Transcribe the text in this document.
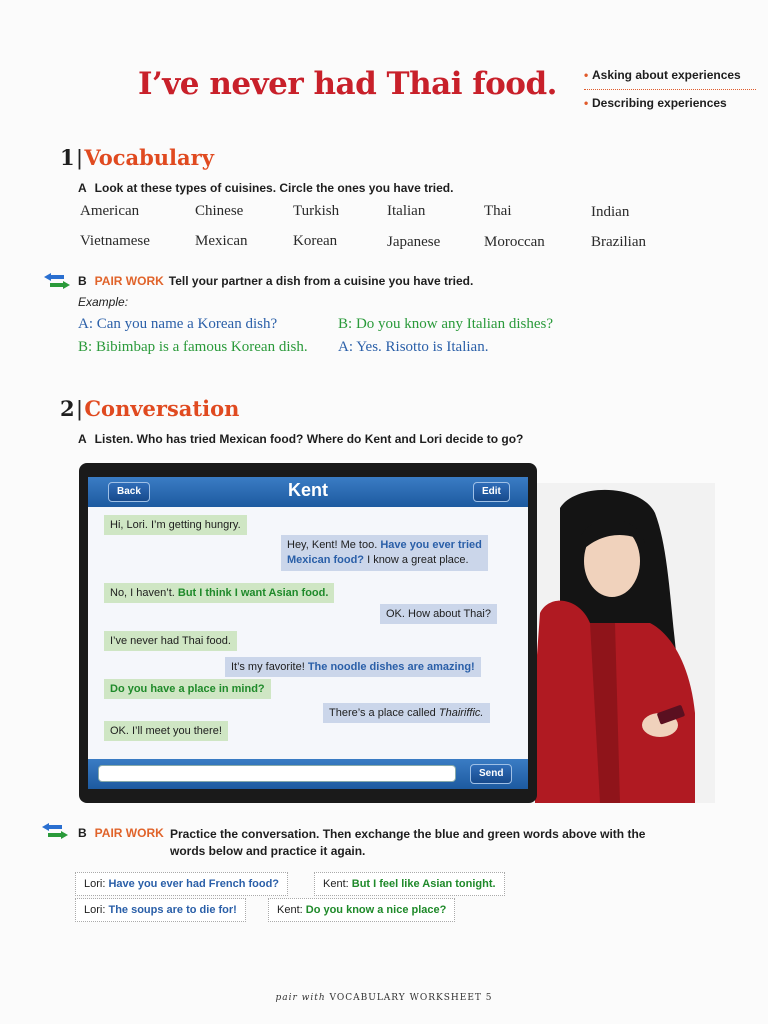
I’ve never had Thai food. • Asking about experiences
• Describing experiences
1 | Vocabulary
A Look at these types of cuisines. Circle the ones you have tried.
American	Chinese	Turkish	Italian	Thai	Indian
Vietnamese	Mexican	Korean	Japanese	Moroccan	Brazilian
B PAIR WORK Tell your partner a dish from a cuisine you have tried.
Example:
A: Can you name a Korean dish?
B: Bibimbap is a famous Korean dish.
B: Do you know any Italian dishes?
A: Yes. Risotto is Italian.
2 | Conversation
A Listen. Who has tried Mexican food? Where do Kent and Lori decide to go?
Back	Kent	Edit
Hi, Lori. I’m getting hungry.
Hey, Kent! Me too. Have you ever tried
Mexican food? I know a great place.
No, I haven’t. But I think I want Asian food.
OK. How about Thai?
I’ve never had Thai food.
It’s my favorite! The noodle dishes are amazing!
Do you have a place in mind?
There’s a place called Thairiffic.
OK. I’ll meet you there!
Send
B PAIR WORK Practice the conversation. Then exchange the blue and green words above with the
words below and practice it again.
Lori: Have you ever had French food?	Kent: But I feel like Asian tonight.
Lori: The soups are to die for!	Kent: Do you know a nice place?
pair with VOCABULARY WORKSHEET 5
